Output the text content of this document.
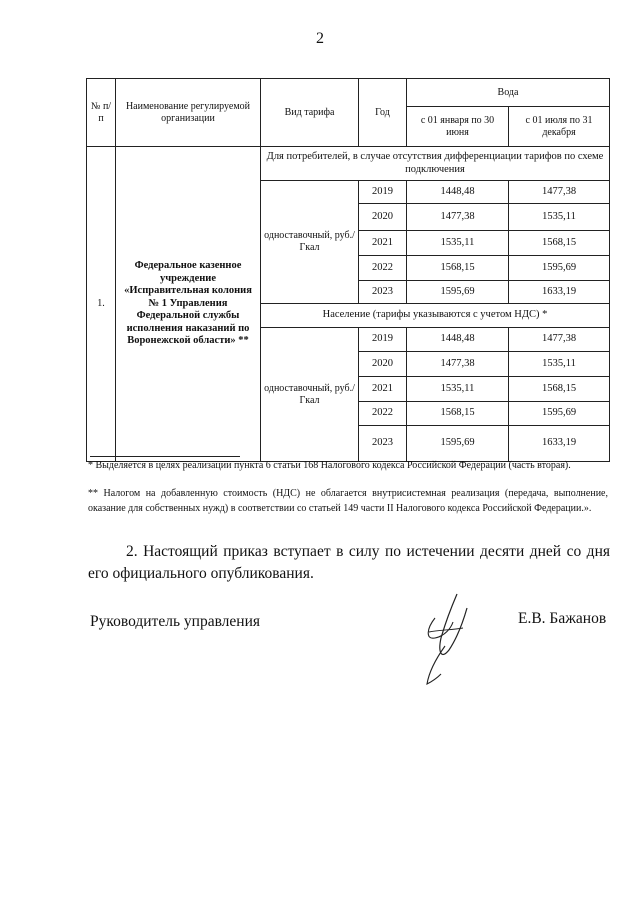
2
№ п/п	Наименование регулируемой организации	Вид тарифа	Год	Вода	
				с 01 января по 30 июня	с 01 июля по 31 декабря
1.	Федеральное казенное учреждение «Исправительная колония № 1 Управления Федеральной службы исполнения наказаний по Воронежской области» **	Для потребителей, в случае отсутствия дифференциации тарифов по схеме подключения			
		одноставочный, руб./Гкал	2019	1448,48	1477,38
			2020	1477,38	1535,11
			2021	1535,11	1568,15
			2022	1568,15	1595,69
			2023	1595,69	1633,19
		Население (тарифы указываются с учетом НДС) *			
		одноставочный, руб./Гкал	2019	1448,48	1477,38
			2020	1477,38	1535,11
			2021	1535,11	1568,15
			2022	1568,15	1595,69
			2023	1595,69	1633,19
* Выделяется в целях реализации пункта 6 статьи 168 Налогового кодекса Российской Федерации (часть вторая).
** Налогом на добавленную стоимость (НДС) не облагается внутрисистемная реализация (передача, выполнение, оказание для собственных нужд) в соответствии со статьей 149 части II Налогового кодекса Российской Федерации.».
2. Настоящий приказ вступает в силу по истечении десяти дней со дня его официального опубликования.
Руководитель управления	Е.В. Бажанов
